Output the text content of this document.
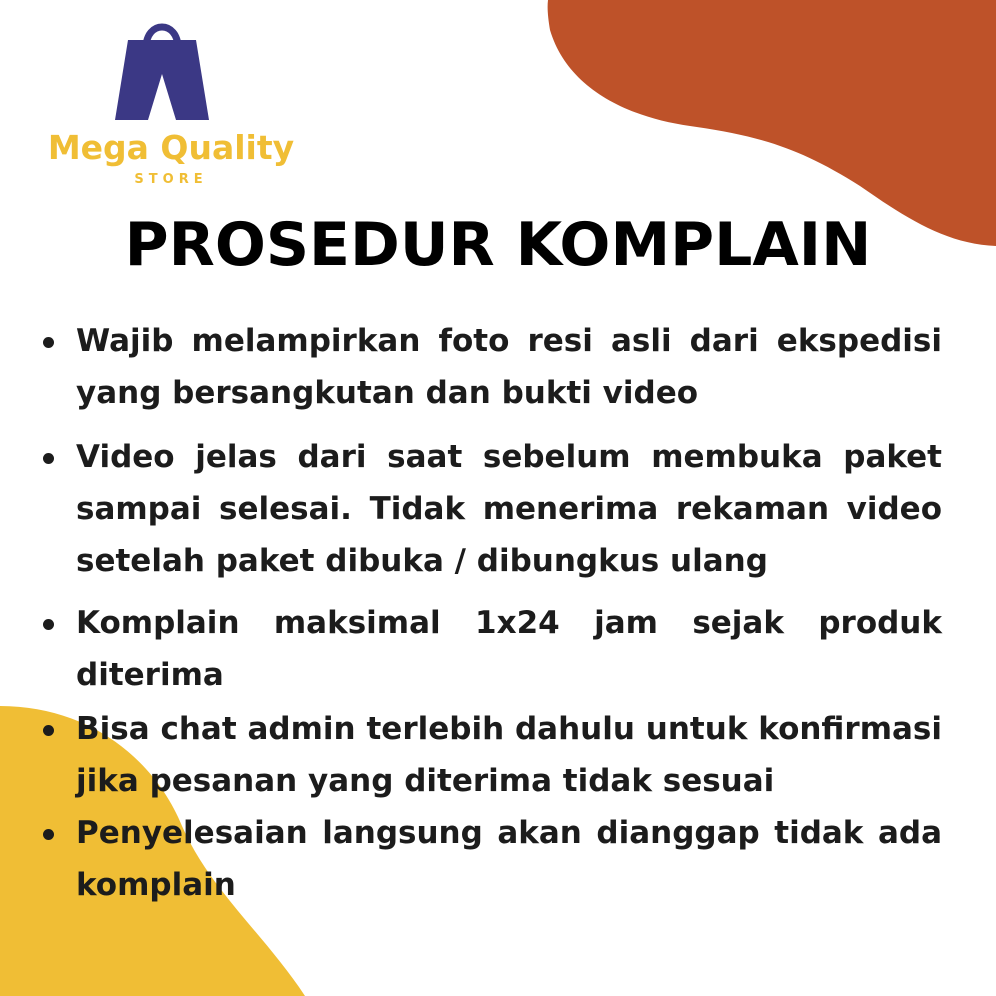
Mega Quality
STORE
PROSEDUR KOMPLAIN
Wajib melampirkan foto resi asli dari ekspedisi yang bersangkutan dan bukti video
Video jelas dari saat sebelum membuka paket sampai selesai. Tidak menerima rekaman video setelah paket dibuka / dibungkus ulang
Komplain maksimal 1x24 jam sejak produk diterima
Bisa chat admin terlebih dahulu untuk konfirmasi jika pesanan yang diterima tidak sesuai
Penyelesaian langsung akan dianggap tidak ada komplain
